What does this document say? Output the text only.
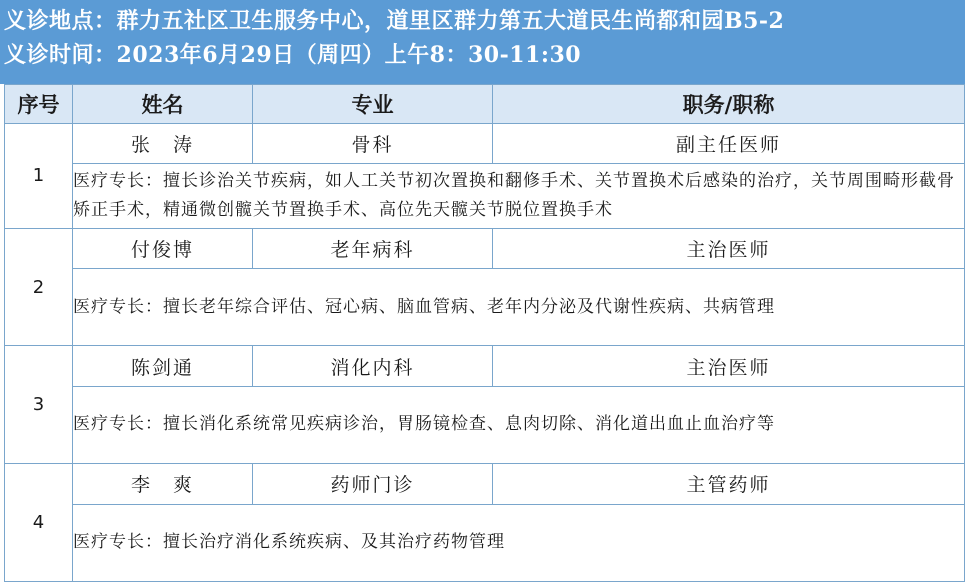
义诊地点：群力五社区卫生服务中心，道里区群力第五大道民生尚都和园B5-2
义诊时间：2023年6月29日（周四）上午8：30-11:30
序号	姓名	专业	职务/职称
1	张　涛	骨科	副主任医师
	医疗专长：擅长诊治关节疾病，如人工关节初次置换和翻修手术、关节置换术后感染的治疗，关节周围畸形截骨矫正手术，精通微创髋关节置换手术、高位先天髋关节脱位置换手术		
2	付俊博	老年病科	主治医师
	医疗专长：擅长老年综合评估、冠心病、脑血管病、老年内分泌及代谢性疾病、共病管理		
3	陈剑通	消化内科	主治医师
	医疗专长：擅长消化系统常见疾病诊治，胃肠镜检查、息肉切除、消化道出血止血治疗等		
4	李　爽	药师门诊	主管药师
	医疗专长：擅长治疗消化系统疾病、及其治疗药物管理		
